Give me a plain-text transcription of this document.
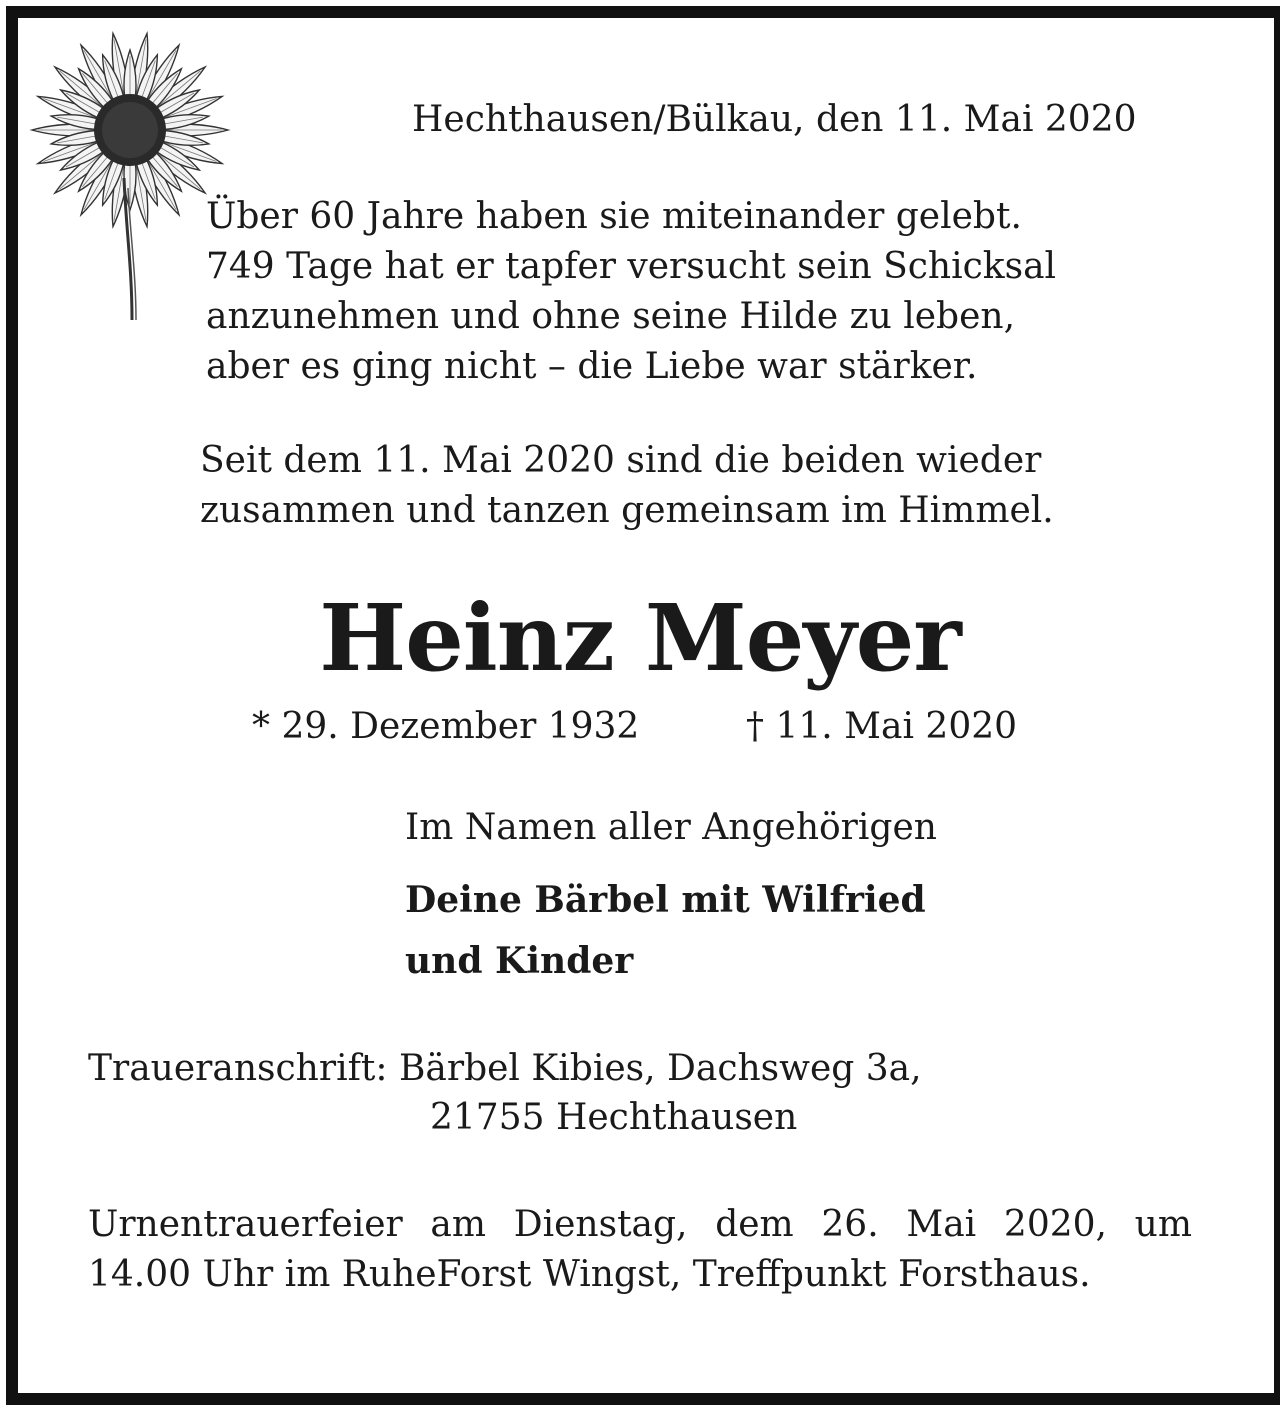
Hechthausen/Bülkau, den 11. Mai 2020
Über 60 Jahre haben sie miteinander gelebt.
749 Tage hat er tapfer versucht sein Schicksal
anzunehmen und ohne seine Hilde zu leben,
aber es ging nicht – die Liebe war stärker.
Seit dem 11. Mai 2020 sind die beiden wieder
zusammen und tanzen gemeinsam im Himmel.
Heinz Meyer
* 29. Dezember 1932	† 11. Mai 2020
Im Namen aller Angehörigen
Deine Bärbel mit Wilfried
und Kinder
Traueranschrift: Bärbel Kibies, Dachsweg 3a,
21755 Hechthausen
Urnentrauerfeier am Dienstag, dem 26. Mai 2020, um
14.00 Uhr im RuheForst Wingst, Treffpunkt Forsthaus.
